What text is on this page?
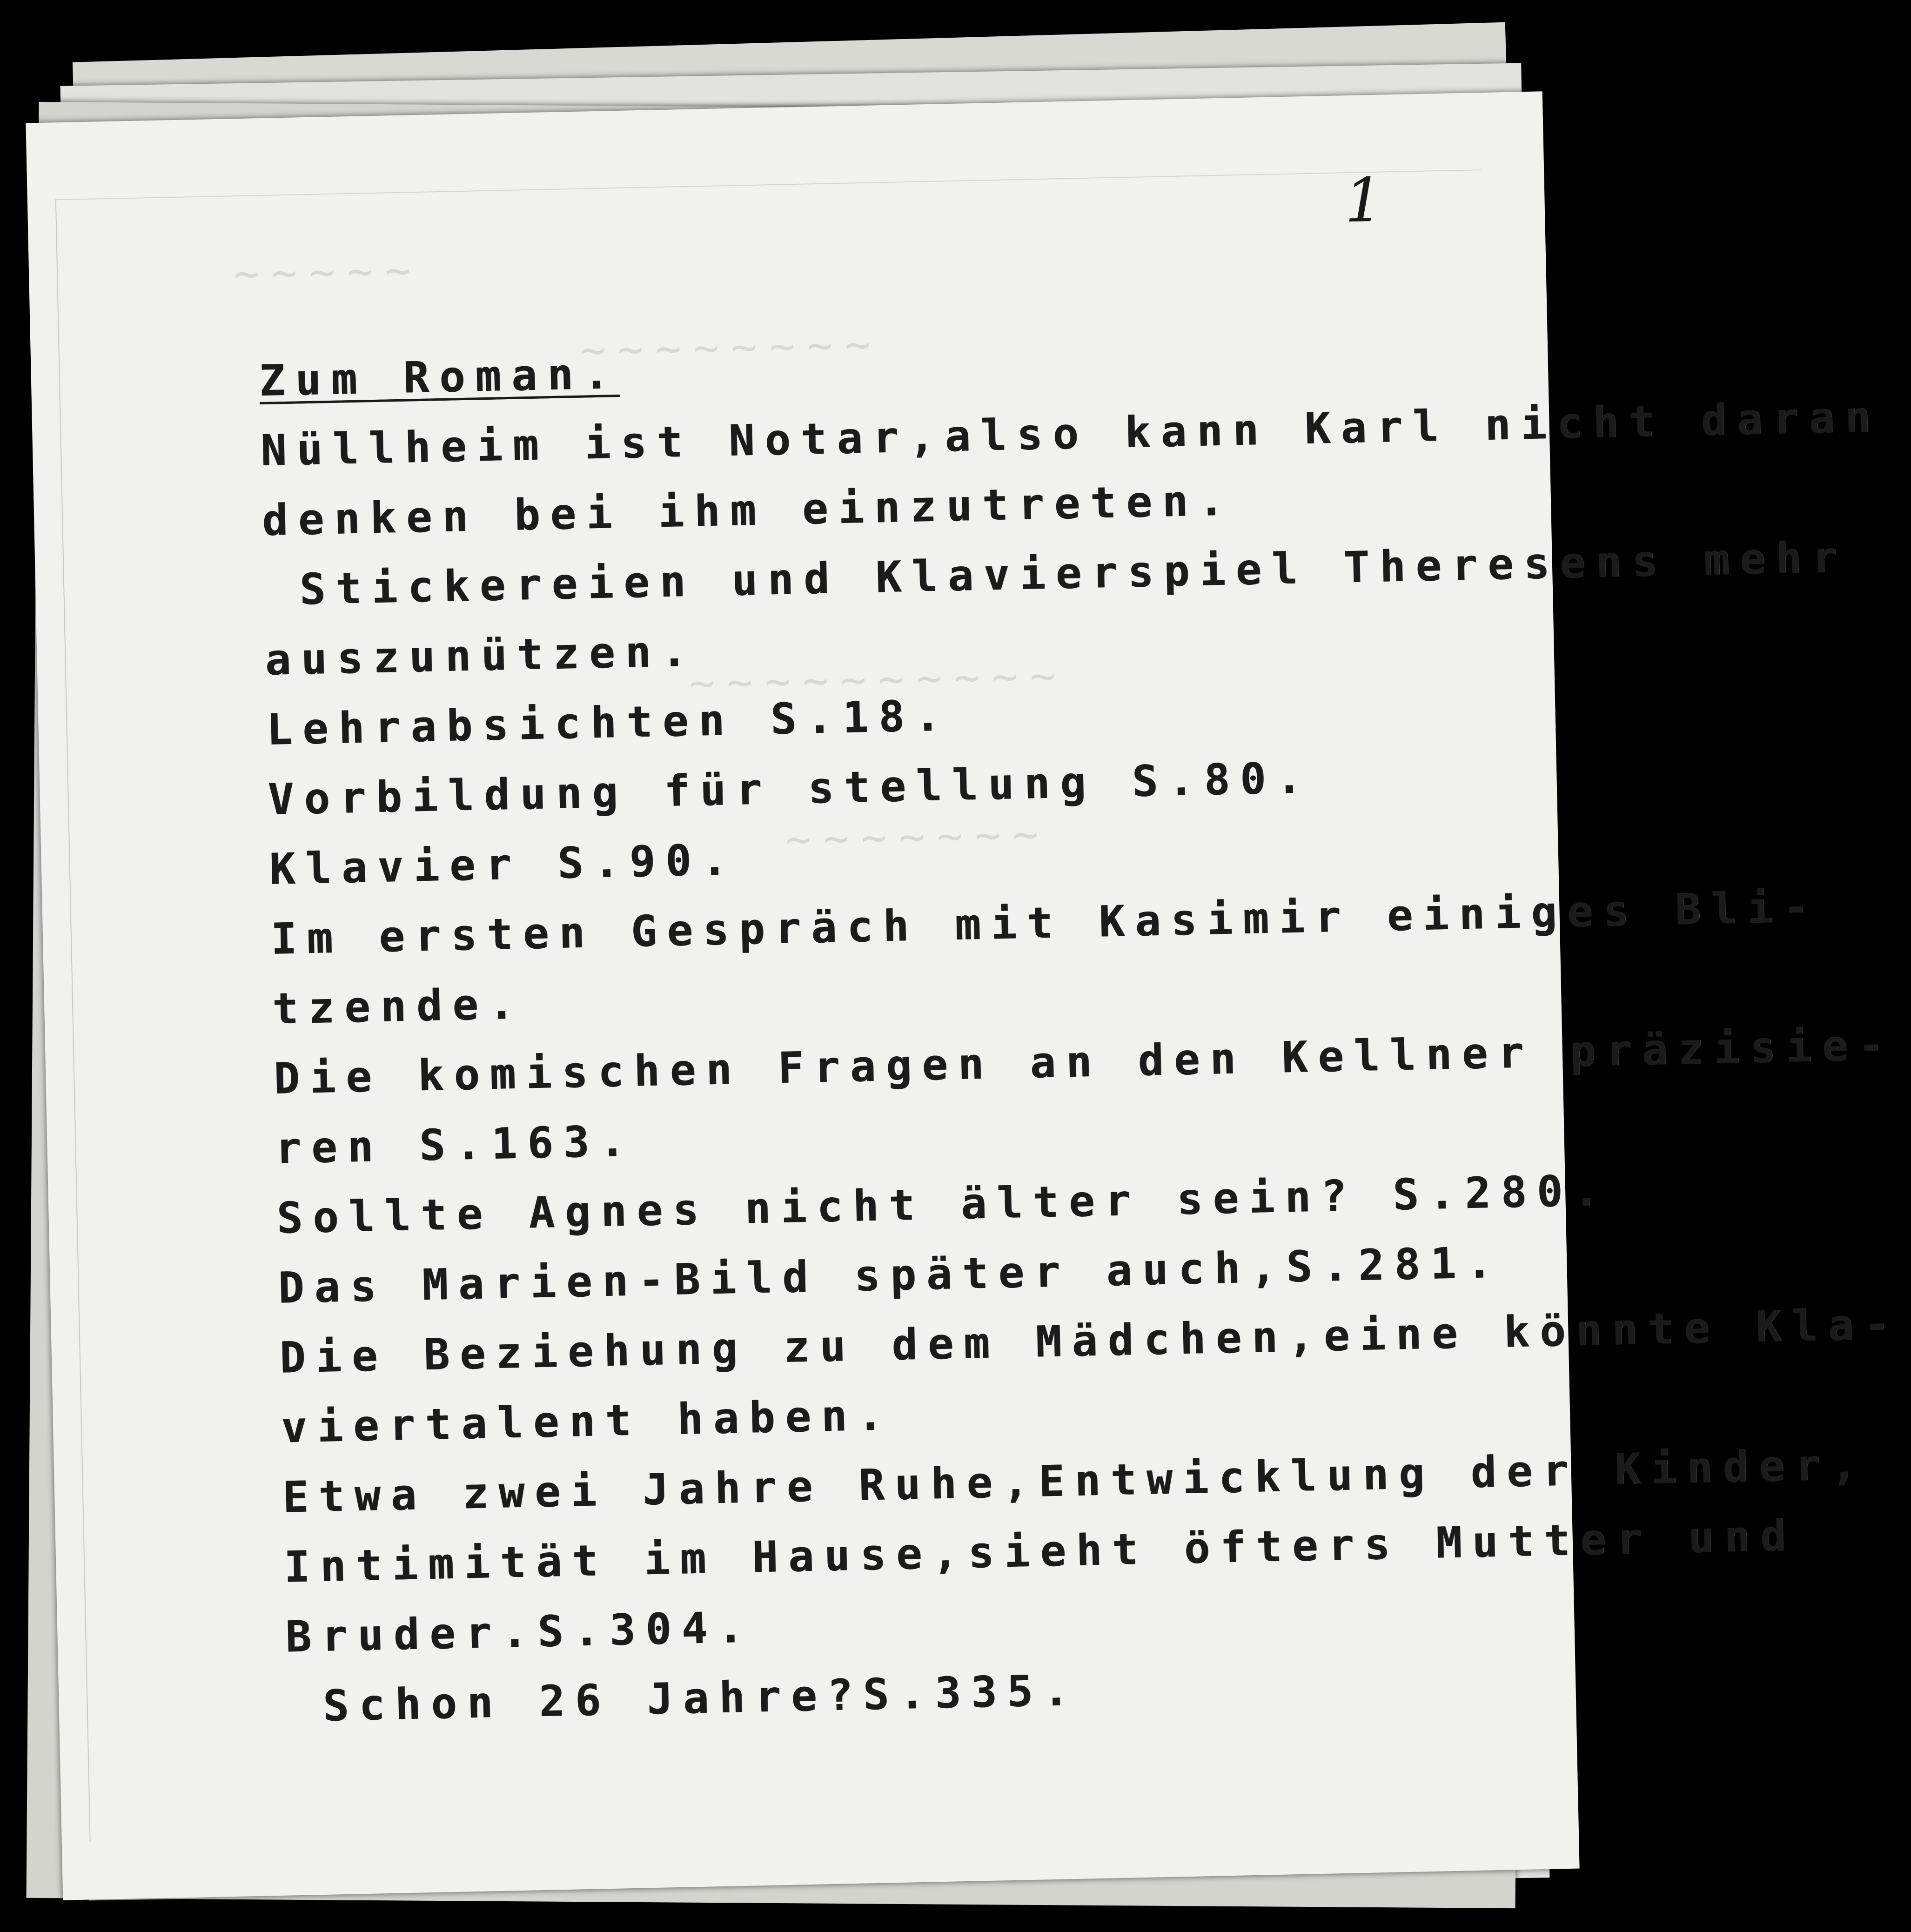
~~~~~
~~~~~~~~
~~~~~~~~~~
~~~~~~~

1

Zum Roman.
Nüllheim ist Notar,also kann Karl nicht daran
denken bei ihm einzutreten.
Stickereien und Klavierspiel Theresens mehr
auszunützen.
Lehrabsichten S.18.
Vorbildung für stellung S.80.
Klavier S.90.
Im ersten Gespräch mit Kasimir einiges Bli-
tzende.
Die komischen Fragen an den Kellner präzisie-
ren S.163.
Sollte Agnes nicht älter sein? S.280.
Das Marien-Bild später auch,S.281.
Die Beziehung zu dem Mädchen,eine könnte Kla-
viertalent haben.
Etwa zwei Jahre Ruhe,Entwicklung der Kinder,
Intimität im Hause,sieht öfters Mutter und
Bruder.S.304.
Schon 26 Jahre?S.335.
